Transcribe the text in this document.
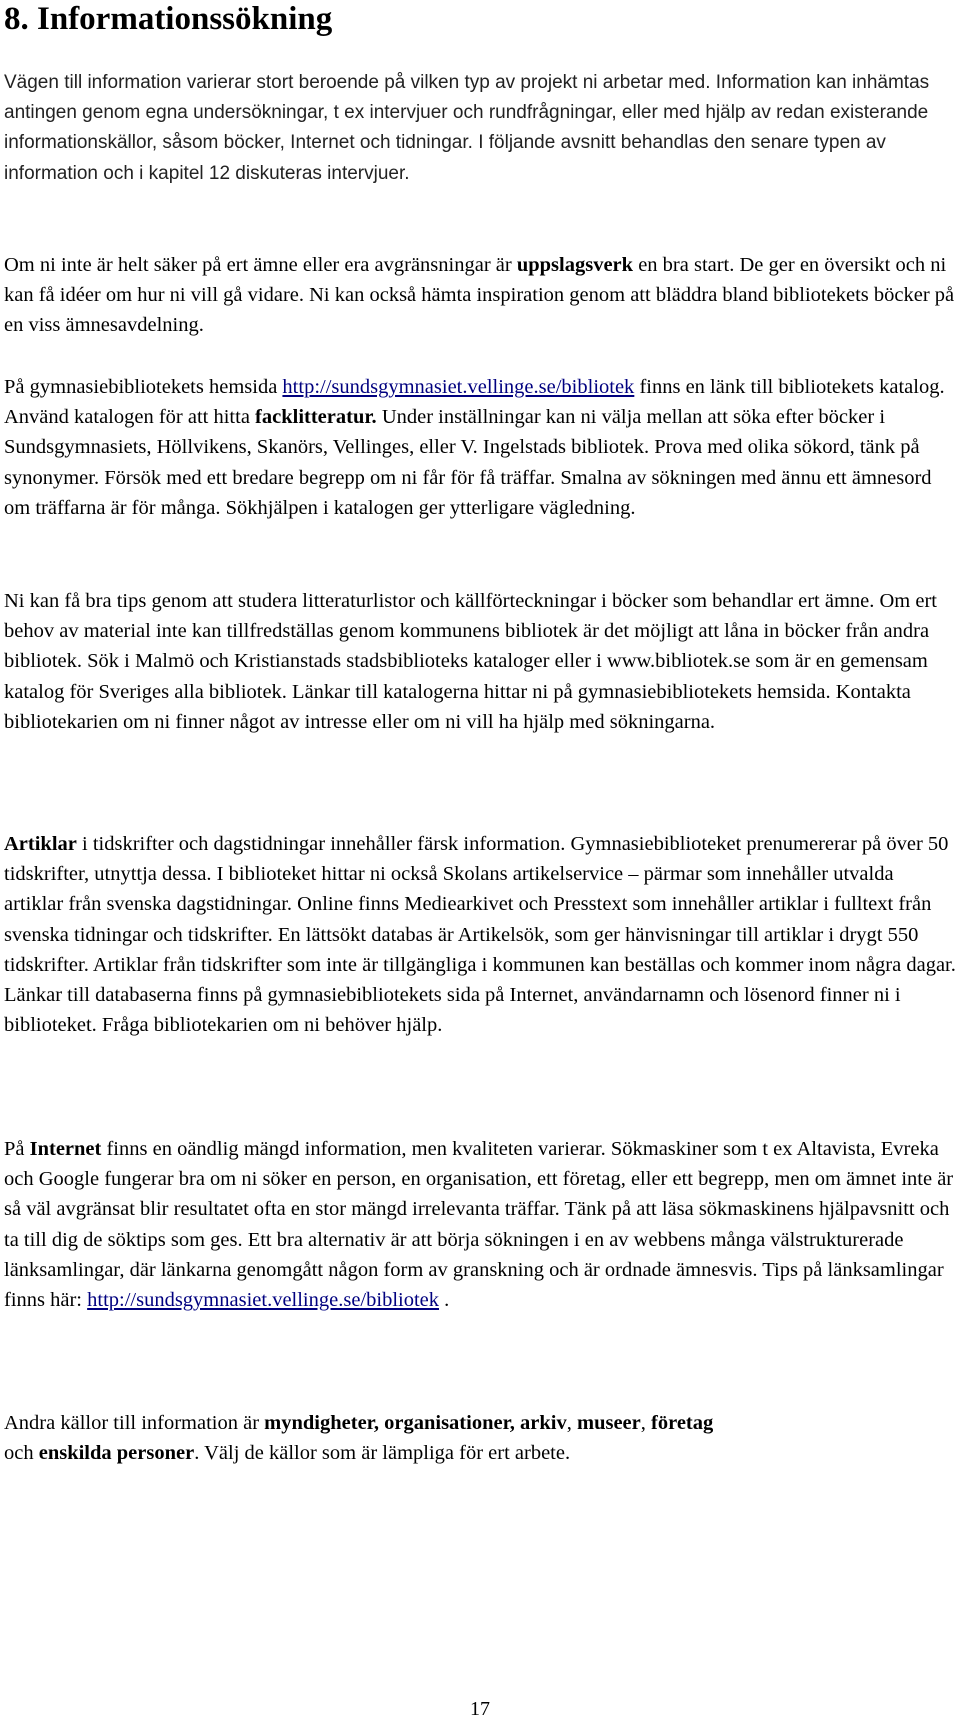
8. Informationssökning

Vägen till information varierar stort beroende på vilken typ av projekt ni arbetar med. Information kan inhämtas antingen genom egna undersökningar, t ex intervjuer och rundfrågningar, eller med hjälp av redan existerande informationskällor, såsom böcker, Internet och tidningar. I följande avsnitt behandlas den senare typen av information och i kapitel 12 diskuteras intervjuer.

Om ni inte är helt säker på ert ämne eller era avgränsningar är uppslagsverk en bra start. De ger en översikt och ni kan få idéer om hur ni vill gå vidare. Ni kan också hämta inspiration genom att bläddra bland bibliotekets böcker på en viss ämnesavdelning.

På gymnasiebibliotekets hemsida http://sundsgymnasiet.vellinge.se/bibliotek finns en länk till bibliotekets katalog. Använd katalogen för att hitta facklitteratur. Under inställningar kan ni välja mellan att söka efter böcker i Sundsgymnasiets, Höllvikens, Skanörs, Vellinges, eller V. Ingelstads bibliotek. Prova med olika sökord, tänk på synonymer. Försök med ett bredare begrepp om ni får för få träffar. Smalna av sökningen med ännu ett ämnesord om träffarna är för många. Sökhjälpen i katalogen ger ytterligare vägledning.

Ni kan få bra tips genom att studera litteraturlistor och källförteckningar i böcker som behandlar ert ämne. Om ert behov av material inte kan tillfredställas genom kommunens bibliotek är det möjligt att låna in böcker från andra bibliotek. Sök i Malmö och Kristianstads stadsbiblioteks kataloger eller i www.bibliotek.se som är en gemensam katalog för Sveriges alla bibliotek. Länkar till katalogerna hittar ni på gymnasiebibliotekets hemsida. Kontakta bibliotekarien om ni finner något av intresse eller om ni vill ha hjälp med sökningarna.

Artiklar i tidskrifter och dagstidningar innehåller färsk information. Gymnasiebiblioteket prenumererar på över 50 tidskrifter, utnyttja dessa. I biblioteket hittar ni också Skolans artikelservice – pärmar som innehåller utvalda artiklar från svenska dagstidningar. Online finns Mediearkivet och Presstext som innehåller artiklar i fulltext från svenska tidningar och tidskrifter. En lättsökt databas är Artikelsök, som ger hänvisningar till artiklar i drygt 550 tidskrifter. Artiklar från tidskrifter som inte är tillgängliga i kommunen kan beställas och kommer inom några dagar. Länkar till databaserna finns på gymnasiebibliotekets sida på Internet, användarnamn och lösenord finner ni i biblioteket. Fråga bibliotekarien om ni behöver hjälp.

På Internet finns en oändlig mängd information, men kvaliteten varierar. Sökmaskiner som t ex Altavista, Evreka och Google fungerar bra om ni söker en person, en organisation, ett företag, eller ett begrepp, men om ämnet inte är så väl avgränsat blir resultatet ofta en stor mängd irrelevanta träffar. Tänk på att läsa sökmaskinens hjälpavsnitt och ta till dig de söktips som ges. Ett bra alternativ är att börja sökningen i en av webbens många välstrukturerade länksamlingar, där länkarna genomgått någon form av granskning och är ordnade ämnesvis. Tips på länksamlingar finns här: http://sundsgymnasiet.vellinge.se/bibliotek .

Andra källor till information är myndigheter, organisationer, arkiv, museer, företag
och enskilda personer. Välj de källor som är lämpliga för ert arbete.

17
